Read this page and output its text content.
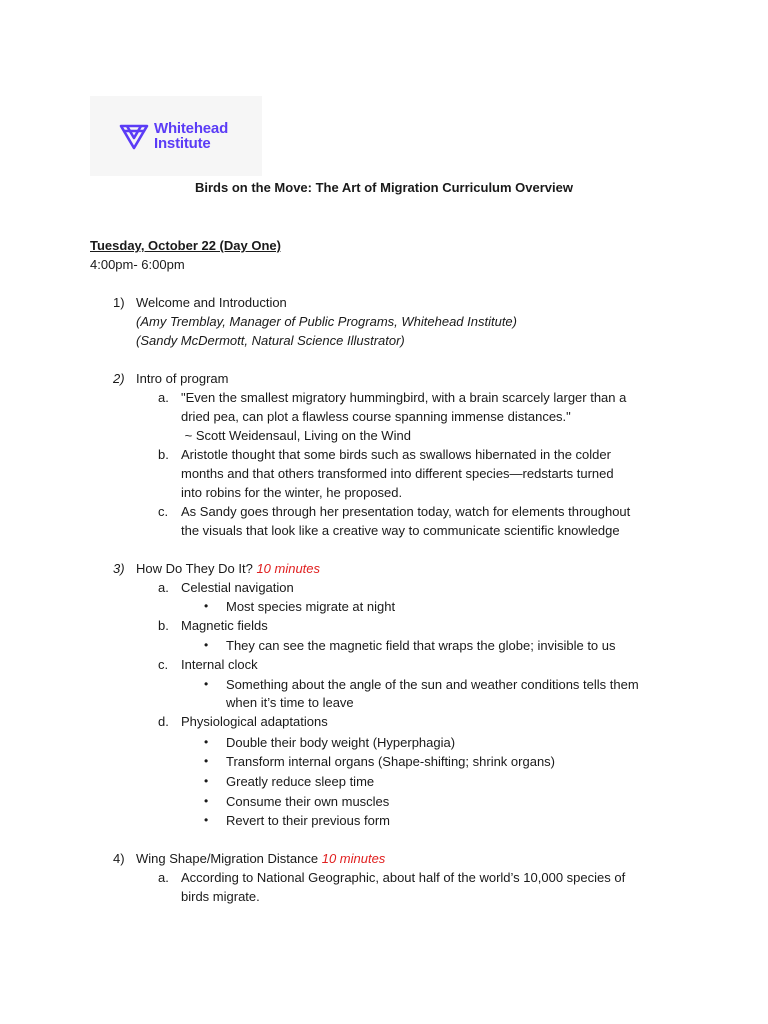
Whitehead
Institute
Birds on the Move: The Art of Migration Curriculum Overview
Tuesday, October 22 (Day One)
4:00pm- 6:00pm
1) Welcome and Introduction
(Amy Tremblay, Manager of Public Programs, Whitehead Institute)
(Sandy McDermott, Natural Science Illustrator)
2) Intro of program
a. "Even the smallest migratory hummingbird, with a brain scarcely larger than a
dried pea, can plot a flawless course spanning immense distances."
~ Scott Weidensaul, Living on the Wind
b. Aristotle thought that some birds such as swallows hibernated in the colder
months and that others transformed into different species—redstarts turned
into robins for the winter, he proposed.
c. As Sandy goes through her presentation today, watch for elements throughout
the visuals that look like a creative way to communicate scientific knowledge
3) How Do They Do It? 10 minutes
a. Celestial navigation
• Most species migrate at night
b. Magnetic fields
• They can see the magnetic field that wraps the globe; invisible to us
c. Internal clock
• Something about the angle of the sun and weather conditions tells them
when it’s time to leave
d. Physiological adaptations
• Double their body weight (Hyperphagia)
• Transform internal organs (Shape-shifting; shrink organs)
• Greatly reduce sleep time
• Consume their own muscles
• Revert to their previous form
4) Wing Shape/Migration Distance 10 minutes
a. According to National Geographic, about half of the world’s 10,000 species of
birds migrate.
